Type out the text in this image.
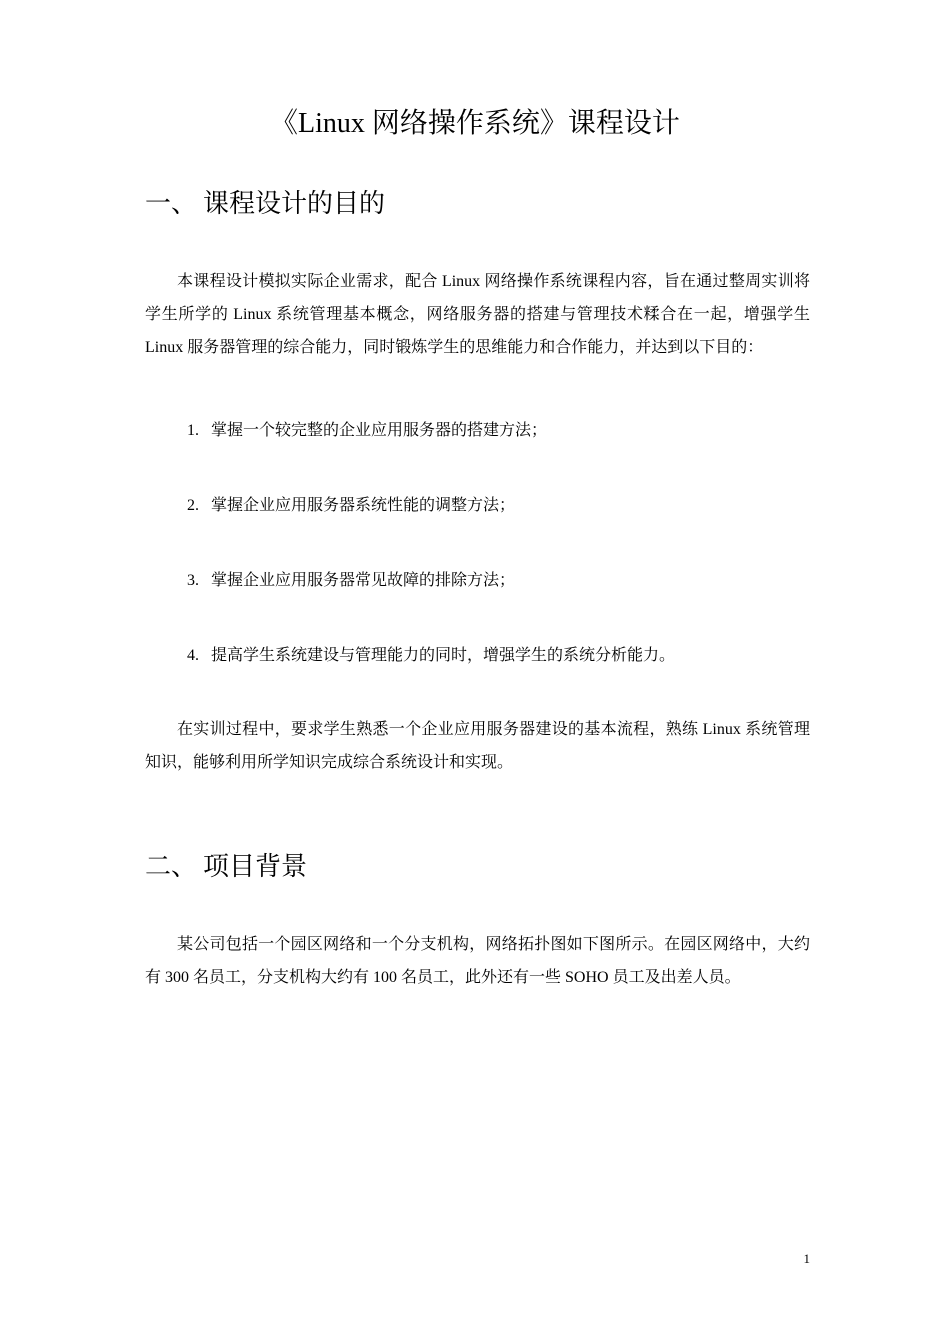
《Linux 网络操作系统》课程设计
一、 课程设计的目的

本课程设计模拟实际企业需求，配合 Linux 网络操作系统课程内容，旨在通过整周实训将学生所学的 Linux 系统管理基本概念，网络服务器的搭建与管理技术糅合在一起，增强学生 Linux 服务器管理的综合能力，同时锻炼学生的思维能力和合作能力，并达到以下目的：

1. 掌握一个较完整的企业应用服务器的搭建方法；

2. 掌握企业应用服务器系统性能的调整方法；

3. 掌握企业应用服务器常见故障的排除方法；

4. 提高学生系统建设与管理能力的同时，增强学生的系统分析能力。

在实训过程中，要求学生熟悉一个企业应用服务器建设的基本流程，熟练 Linux 系统管理知识，能够利用所学知识完成综合系统设计和实现。

二、 项目背景

某公司包括一个园区网络和一个分支机构，网络拓扑图如下图所示。在园区网络中，大约有 300 名员工，分支机构大约有 100 名员工，此外还有一些 SOHO 员工及出差人员。

1
